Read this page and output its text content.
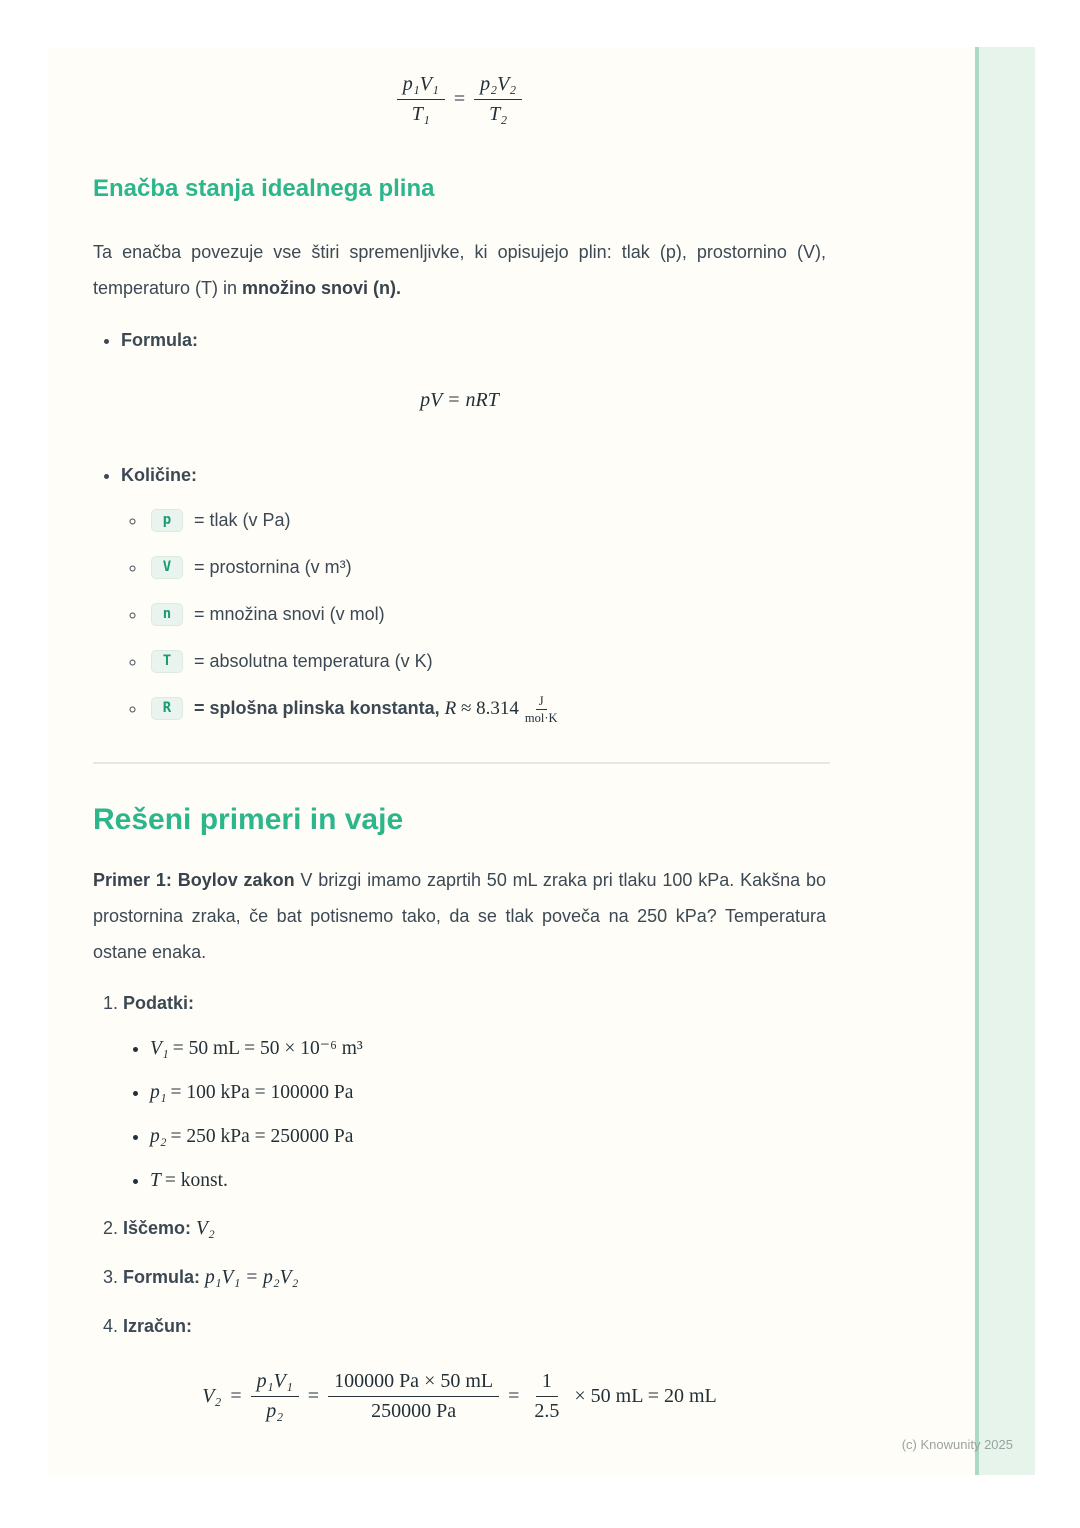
$\frac{\text{p₁V₁}}{\text{T₁}} = \frac{\text{p₂V₂}}{\text{T₂}}$
Enačba stanja idealnega plina

Ta enačba povezuje vse štiri spremenljivke, ki opisujejo plin: tlak (p), prostornino (V), temperaturo (T) in množino snovi (n).

• Formula:
pV = nRT
• Količine:
◦ p = tlak (v Pa)
◦ V = prostornina (v m³)
◦ n = množina snovi (v mol)
◦ T = absolutna temperatura (v K)
◦ R = splošna plinska konstanta, $R \approx 8.314 \frac{J}{\text{mol·K}}$
Rešeni primeri in vaje

Primer 1: Boylov zakon V brizgi imamo zaprtih 50 mL zraka pri tlaku 100 kPa. Kakšna bo prostornina zraka, če bat potisnemo tako, da se tlak poveča na 250 kPa? Temperatura ostane enaka.

1. Podatki:
• V₁ = 50 mL = 50 × 10⁻⁶ m³
• p₁ = 100 kPa = 100000 Pa
• p₂ = 250 kPa = 250000 Pa
• T = konst.
2. Iščemo: V₂
3. Formula: p₁V₁ = p₂V₂
4. Izračun:
$V_2 = \frac{\text{p₁V₁}}{\text{p₂}} = \frac{100000 Pa \times 50 mL}{250000 Pa} = \frac{1}{2.5} \times 50$ mL = 20 mL
(c) Knowunity 2025
